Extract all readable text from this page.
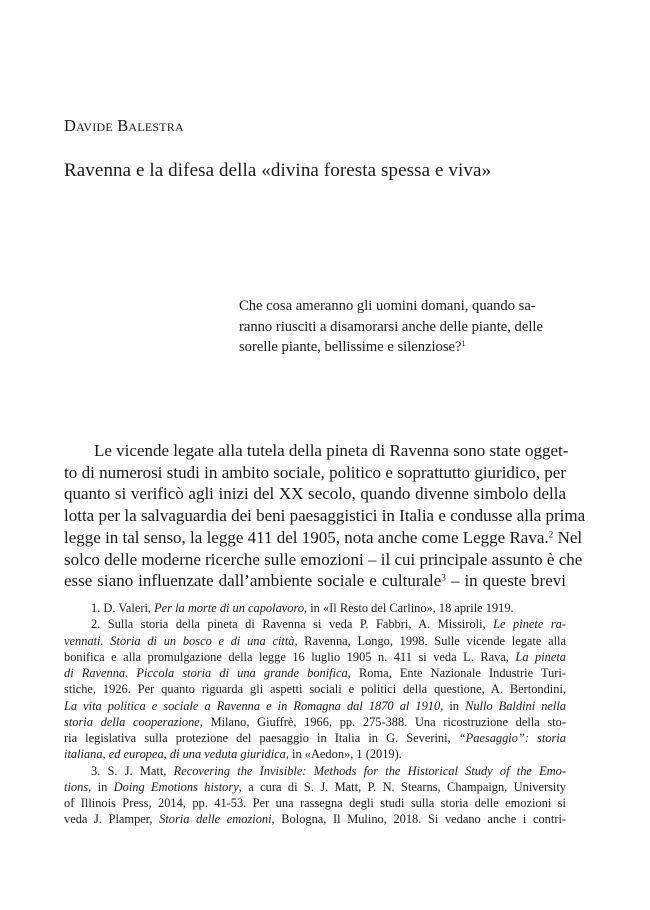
Davide Balestra
Ravenna e la difesa della «divina foresta spessa e viva»
Che cosa ameranno gli uomini domani, quando sa-
ranno riusciti a disamorarsi anche delle piante, delle
sorelle piante, bellissime e silenziose?$^1$
Le vicende legate alla tutela della pineta di Ravenna sono state ogget-
to di numerosi studi in ambito sociale, politico e soprattutto giuridico, per
quanto si verificò agli inizi del XX secolo, quando divenne simbolo della
lotta per la salvaguardia dei beni paesaggistici in Italia e condusse alla prima
legge in tal senso, la legge 411 del 1905, nota anche come Legge Rava.$^2$ Nel
solco delle moderne ricerche sulle emozioni – il cui principale assunto è che
esse siano influenzate dall’ambiente sociale e culturale$^3$ – in queste brevi
1. D. Valeri, Per la morte di un capolavoro, in «Il Resto del Carlino», 18 aprile 1919.
2. Sulla storia della pineta di Ravenna si veda P. Fabbri, A. Missiroli, Le pinete ra-
vennati. Storia di un bosco e di una città, Ravenna, Longo, 1998. Sulle vicende legate alla
bonifica e alla promulgazione della legge 16 luglio 1905 n. 411 si veda L. Rava, La pineta
di Ravenna. Piccola storia di una grande bonifica, Roma, Ente Nazionale Industrie Turi-
stiche, 1926. Per quanto riguarda gli aspetti sociali e politici della questione, A. Bertondini,
La vita politica e sociale a Ravenna e in Romagna dal 1870 al 1910, in Nullo Baldini nella
storia della cooperazione, Milano, Giuffrè, 1966, pp. 275-388. Una ricostruzione della sto-
ria legislativa sulla protezione del paesaggio in Italia in G. Severini, “Paesaggio”: storia
italiana, ed europea, di una veduta giuridica, in «Aedon», 1 (2019).
3. S. J. Matt, Recovering the Invisible: Methods for the Historical Study of the Emo-
tions, in Doing Emotions history, a cura di S. J. Matt, P. N. Stearns, Champaign, University
of Illinois Press, 2014, pp. 41-53. Per una rassegna degli studi sulla storia delle emozioni si
veda J. Plamper, Storia delle emozioni, Bologna, Il Mulino, 2018. Si vedano anche i contri-
